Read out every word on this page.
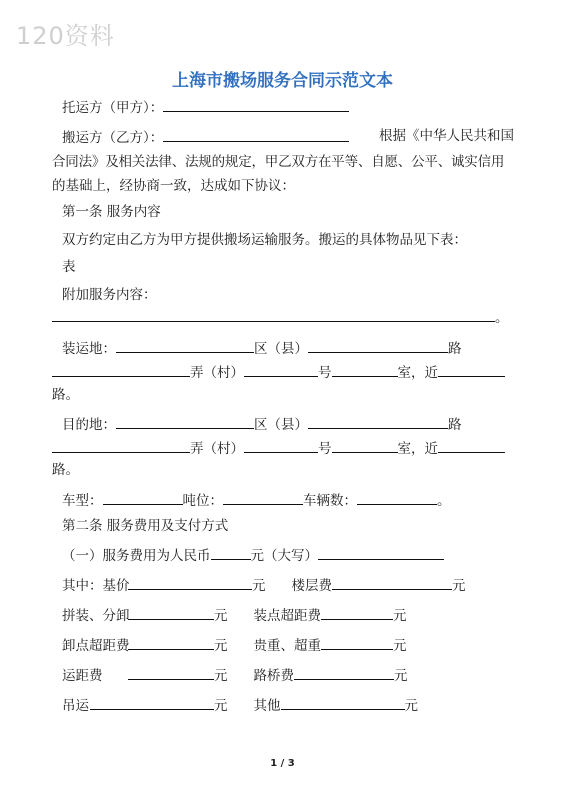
120资料
上海市搬场服务合同示范文本
托运方（甲方）：
搬运方（乙方）：	根据《中华人民共和国
合同法》及相关法律、法规的规定，甲乙双方在平等、自愿、公平、诚实信用
的基础上，经协商一致，达成如下协议：
第一条 服务内容
双方约定由乙方为甲方提供搬场运输服务。搬运的具体物品见下表：
表
附加服务内容：
。
装运地：	区（县）	路
弄（村）	号	室，近
路。
目的地：	区（县）	路
弄（村）	号	室，近
路。
车型：	吨位：	车辆数：	。
第二条 服务费用及支付方式
（一）服务费用为人民币	元（大写）
其中：基价	元 楼层费	元
拼装、分卸	元 装点超距费	元
卸点超距费	元 贵重、超重	元
运距费	元 路桥费	元
吊运	元 其他	元
1 / 3
